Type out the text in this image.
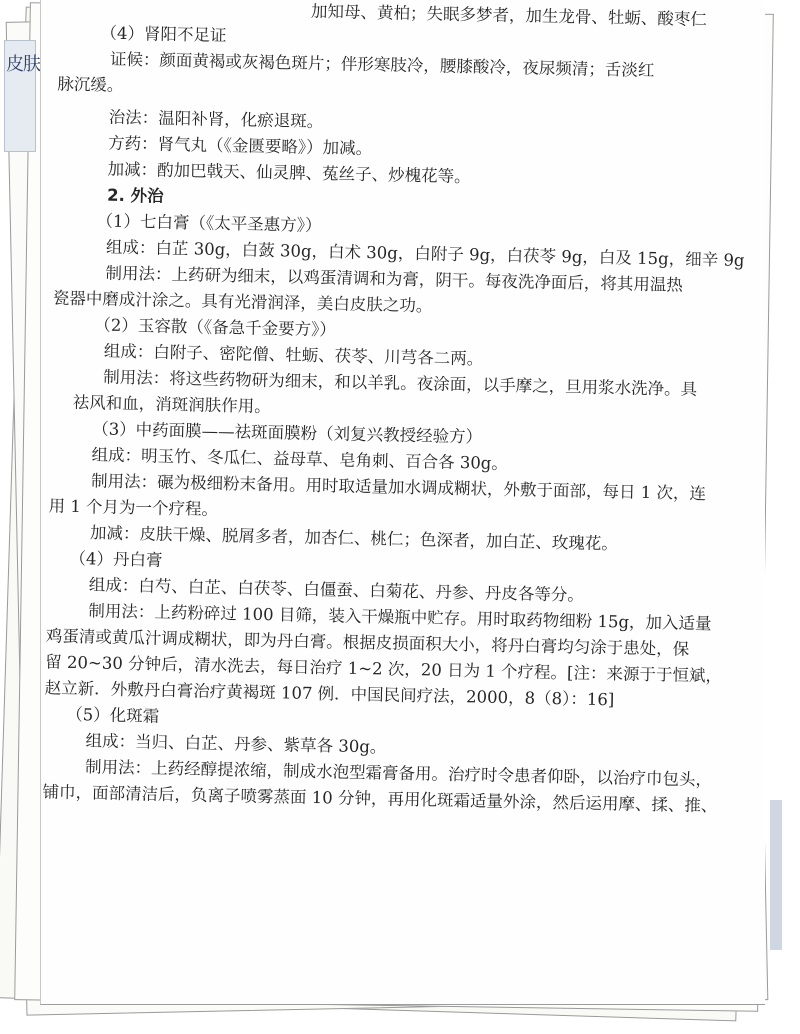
皮肤
加知母、黄柏；失眠多梦者，加生龙骨、牡蛎、酸枣仁
（4）肾阳不足证
证候：颜面黄褐或灰褐色斑片；伴形寒肢冷，腰膝酸冷，夜尿频清；舌淡红
脉沉缓。
治法：温阳补肾，化瘀退斑。
方药：肾气丸（《金匮要略》）加减。
加减：酌加巴戟天、仙灵脾、菟丝子、炒槐花等。
2. 外治
（1）七白膏（《太平圣惠方》）
组成：白芷 30g，白蔹 30g，白术 30g，白附子 9g，白茯苓 9g，白及 15g，细辛 9g
制用法：上药研为细末，以鸡蛋清调和为膏，阴干。每夜洗净面后，将其用温热
瓷器中磨成汁涂之。具有光滑润泽，美白皮肤之功。
（2）玉容散（《备急千金要方》）
组成：白附子、密陀僧、牡蛎、茯苓、川芎各二两。
制用法：将这些药物研为细末，和以羊乳。夜涂面，以手摩之，旦用浆水洗净。具
祛风和血，消斑润肤作用。
（3）中药面膜——祛斑面膜粉（刘复兴教授经验方）
组成：明玉竹、冬瓜仁、益母草、皂角刺、百合各 30g。
制用法：碾为极细粉末备用。用时取适量加水调成糊状，外敷于面部，每日 1 次，连
用 1 个月为一个疗程。
加减：皮肤干燥、脱屑多者，加杏仁、桃仁；色深者，加白芷、玫瑰花。
（4）丹白膏
组成：白芍、白芷、白茯苓、白僵蚕、白菊花、丹参、丹皮各等分。
制用法：上药粉碎过 100 目筛，装入干燥瓶中贮存。用时取药物细粉 15g，加入适量
鸡蛋清或黄瓜汁调成糊状，即为丹白膏。根据皮损面积大小，将丹白膏均匀涂于患处，保
留 20~30 分钟后，清水洗去，每日治疗 1~2 次，20 日为 1 个疗程。[注：来源于于恒斌，
赵立新．外敷丹白膏治疗黄褐斑 107 例．中国民间疗法，2000，8（8）：16]
（5）化斑霜
组成：当归、白芷、丹参、紫草各 30g。
制用法：上药经醇提浓缩，制成水泡型霜膏备用。治疗时令患者仰卧，以治疗巾包头，
铺巾，面部清洁后，负离子喷雾蒸面 10 分钟，再用化斑霜适量外涂，然后运用摩、揉、推、
